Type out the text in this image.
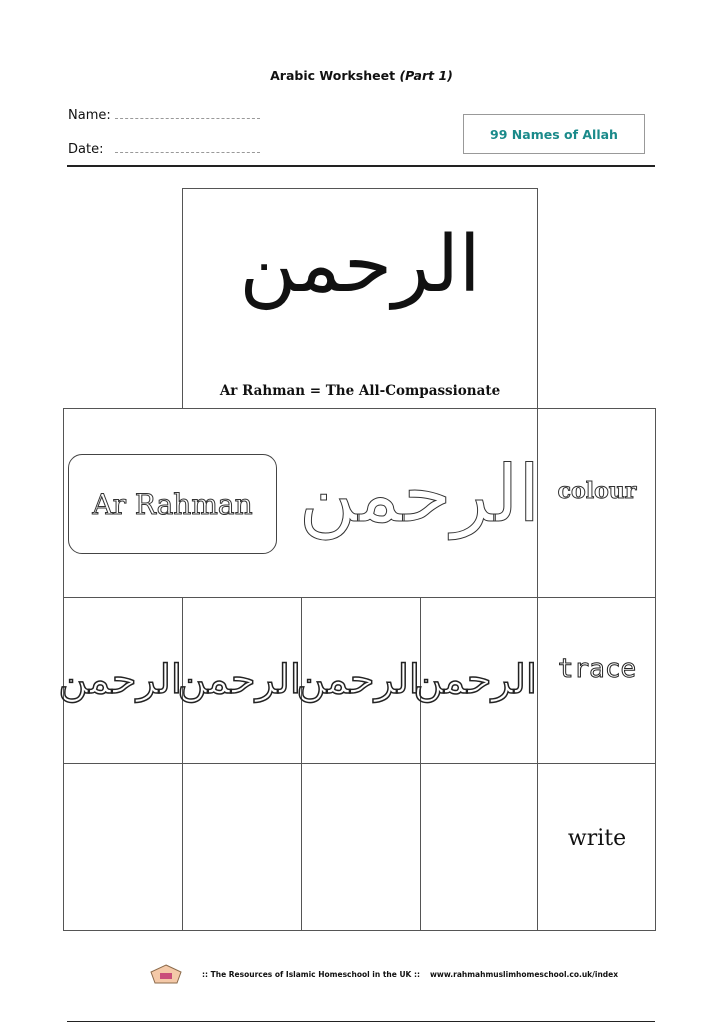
Arabic Worksheet (Part 1)
Name:
Date:
99 Names of Allah
الرحمن
Ar Rahman = The All-Compassionate
Ar Rahman الرحمن colour
الرحمن
الرحمن
الرحمن
الرحمن trace
write
:: The Resources of Islamic Homeschool in the UK :: www.rahmahmuslimhomeschool.co.uk/index
